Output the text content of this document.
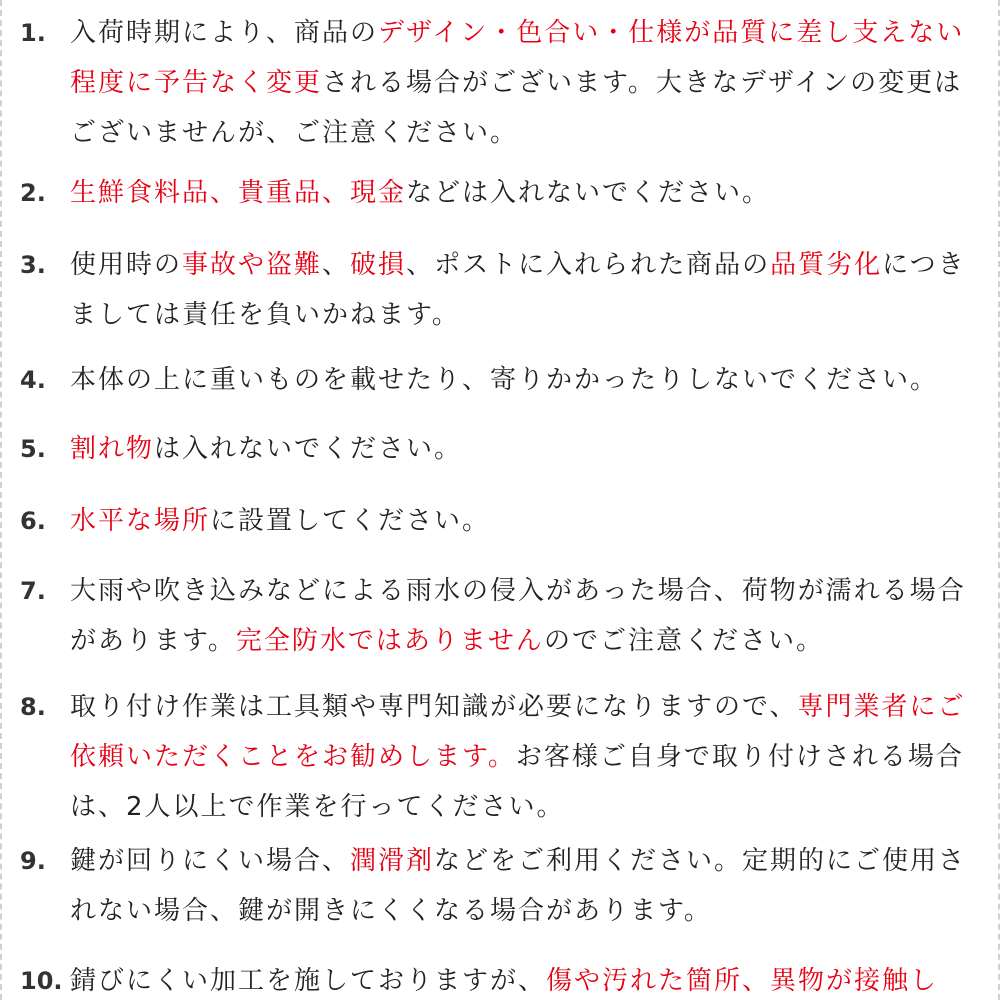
1. 入荷時期により、商品のデザイン・色合い・仕様が品質に差し支えない程度に予告なく変更される場合がございます。大きなデザインの変更はございませんが、ご注意ください。
2. 生鮮食料品、貴重品、現金などは入れないでください。
3. 使用時の事故や盗難、破損、ポストに入れられた商品の品質劣化につきましては責任を負いかねます。
4. 本体の上に重いものを載せたり、寄りかかったりしないでください。
5. 割れ物は入れないでください。
6. 水平な場所に設置してください。
7. 大雨や吹き込みなどによる雨水の侵入があった場合、荷物が濡れる場合があります。完全防水ではありませんのでご注意ください。
8. 取り付け作業は工具類や専門知識が必要になりますので、専門業者にご依頼いただくことをお勧めします。お客様ご自身で取り付けされる場合は、2人以上で作業を行ってください。
9. 鍵が回りにくい場合、潤滑剤などをご利用ください。定期的にご使用されない場合、鍵が開きにくくなる場合があります。
10. 錆びにくい加工を施しておりますが、傷や汚れた箇所、異物が接触し
